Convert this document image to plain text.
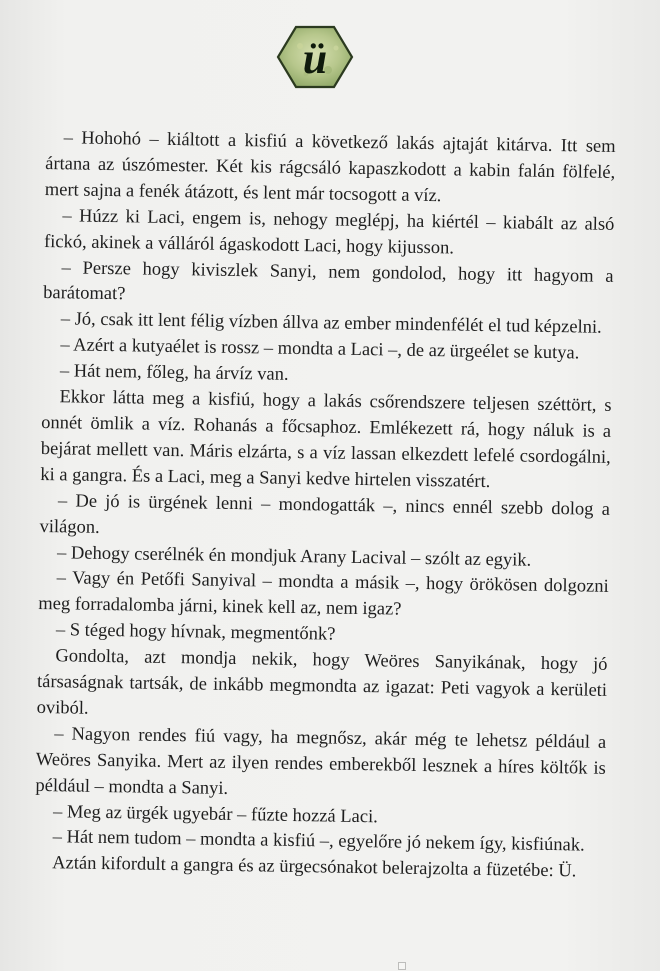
ü

– Hohohó – kiáltott a kisfiú a következő lakás ajtaját kitárva. Itt sem ártana az úszómester. Két kis rágcsáló kapaszkodott a kabin falán fölfelé, mert sajna a fenék átázott, és lent már tocsogott a víz.

– Húzz ki Laci, engem is, nehogy meglépj, ha kiértél – kiabált az alsó fickó, akinek a válláról ágaskodott Laci, hogy kijusson.

– Persze hogy kiviszlek Sanyi, nem gondolod, hogy itt hagyom a barátomat?

– Jó, csak itt lent félig vízben állva az ember mindenfélét el tud képzelni.

– Azért a kutyaélet is rossz – mondta a Laci –, de az ürgeélet se kutya.

– Hát nem, főleg, ha árvíz van.

Ekkor látta meg a kisfiú, hogy a lakás csőrendszere teljesen széttört, s onnét ömlik a víz. Rohanás a főcsaphoz. Emlékezett rá, hogy náluk is a bejárat mellett van. Máris elzárta, s a víz lassan elkezdett lefelé csordogálni, ki a gangra. És a Laci, meg a Sanyi kedve hirtelen visszatért.

– De jó is ürgének lenni – mondogatták –, nincs ennél szebb dolog a világon.

– Dehogy cserélnék én mondjuk Arany Lacival – szólt az egyik.

– Vagy én Petőfi Sanyival – mondta a másik –, hogy örökösen dolgozni meg forradalomba járni, kinek kell az, nem igaz?

– S téged hogy hívnak, megmentőnk?

Gondolta, azt mondja nekik, hogy Weöres Sanyikának, hogy jó társaságnak tartsák, de inkább megmondta az igazat: Peti vagyok a kerületi oviból.

– Nagyon rendes fiú vagy, ha megnősz, akár még te lehetsz például a Weöres Sanyika. Mert az ilyen rendes emberekből lesznek a híres költők is például – mondta a Sanyi.

– Meg az ürgék ugyebár – fűzte hozzá Laci.

– Hát nem tudom – mondta a kisfiú –, egyelőre jó nekem így, kisfiúnak.

Aztán kifordult a gangra és az ürgecsónakot belerajzolta a füzetébe: Ü.
